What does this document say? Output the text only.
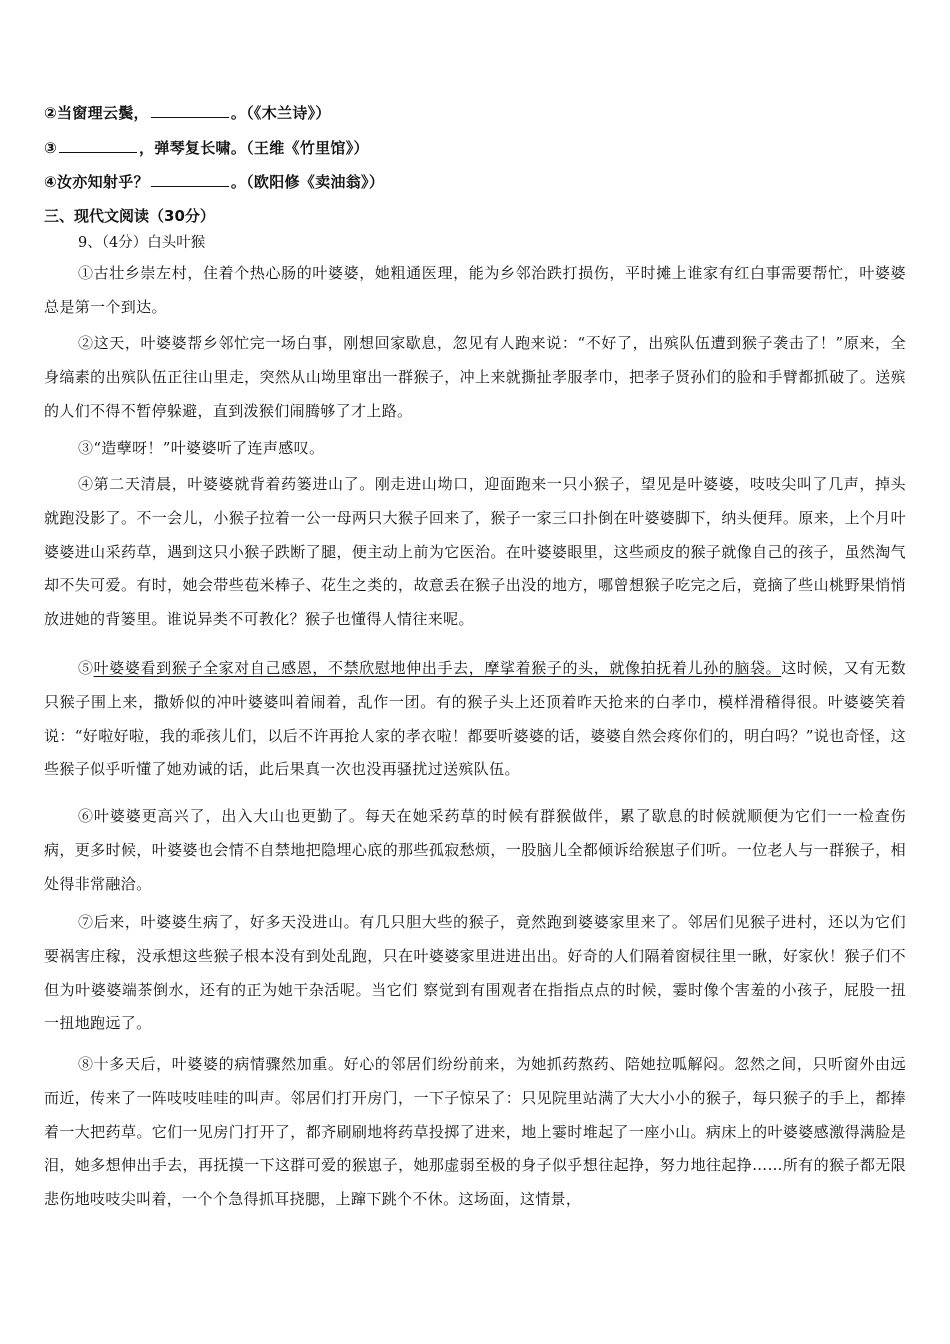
②当窗理云鬓，	。（《木兰诗》）
③	，弹琴复长啸。（王维《竹里馆》）
④汝亦知射乎？	。（欧阳修《卖油翁》）
三、现代文阅读（30分）
9、（4分）白头叶猴

①古壮乡崇左村，住着个热心肠的叶婆婆，她粗通医理，能为乡邻治跌打损伤，平时摊上谁家有红白事需要帮忙，叶婆婆总是第一个到达。

②这天，叶婆婆帮乡邻忙完一场白事，刚想回家歇息，忽见有人跑来说：“不好了，出殡队伍遭到猴子袭击了！”原来，全身缟素的出殡队伍正往山里走，突然从山坳里窜出一群猴子，冲上来就撕扯孝服孝巾，把孝子贤孙们的脸和手臂都抓破了。送殡的人们不得不暂停躲避，直到泼猴们闹腾够了才上路。

③“造孽呀！”叶婆婆听了连声感叹。

④第二天清晨，叶婆婆就背着药篓进山了。刚走进山坳口，迎面跑来一只小猴子，望见是叶婆婆，吱吱尖叫了几声，掉头就跑没影了。不一会儿，小猴子拉着一公一母两只大猴子回来了，猴子一家三口扑倒在叶婆婆脚下，纳头便拜。原来，上个月叶婆婆进山采药草，遇到这只小猴子跌断了腿，便主动上前为它医治。在叶婆婆眼里，这些顽皮的猴子就像自己的孩子，虽然淘气却不失可爱。有时，她会带些苞米棒子、花生之类的，故意丢在猴子出没的地方，哪曾想猴子吃完之后，竟摘了些山桃野果悄悄放进她的背篓里。谁说异类不可教化？猴子也懂得人情往来呢。

⑤叶婆婆看到猴子全家对自己感恩，不禁欣慰地伸出手去，摩挲着猴子的头，就像拍抚着儿孙的脑袋。这时候，又有无数只猴子围上来，撒娇似的冲叶婆婆叫着闹着，乱作一团。有的猴子头上还顶着昨天抢来的白孝巾，模样滑稽得很。叶婆婆笑着说：“好啦好啦，我的乖孩儿们，以后不许再抢人家的孝衣啦！都要听婆婆的话，婆婆自然会疼你们的，明白吗？”说也奇怪，这些猴子似乎听懂了她劝诫的话，此后果真一次也没再骚扰过送殡队伍。

⑥叶婆婆更高兴了，出入大山也更勤了。每天在她采药草的时候有群猴做伴，累了歇息的时候就顺便为它们一一检查伤病，更多时候，叶婆婆也会情不自禁地把隐埋心底的那些孤寂愁烦，一股脑儿全都倾诉给猴崽子们听。一位老人与一群猴子，相处得非常融洽。

⑦后来，叶婆婆生病了，好多天没进山。有几只胆大些的猴子，竟然跑到婆婆家里来了。邻居们见猴子进村，还以为它们要祸害庄稼，没承想这些猴子根本没有到处乱跑，只在叶婆婆家里进进出出。好奇的人们隔着窗棂往里一瞅，好家伙！猴子们不但为叶婆婆端茶倒水，还有的正为她干杂活呢。当它们 察觉到有围观者在指指点点的时候，霎时像个害羞的小孩子，屁股一扭一扭地跑远了。

⑧十多天后，叶婆婆的病情骤然加重。好心的邻居们纷纷前来，为她抓药熬药、陪她拉呱解闷。忽然之间，只听窗外由远而近，传来了一阵吱吱哇哇的叫声。邻居们打开房门，一下子惊呆了：只见院里站满了大大小小的猴子，每只猴子的手上，都捧着一大把药草。它们一见房门打开了，都齐刷刷地将药草投掷了进来，地上霎时堆起了一座小山。病床上的叶婆婆感激得满脸是泪，她多想伸出手去，再抚摸一下这群可爱的猴崽子，她那虚弱至极的身子似乎想往起挣，努力地往起挣……所有的猴子都无限悲伤地吱吱尖叫着，一个个急得抓耳挠腮，上蹿下跳个不休。这场面，这情景，
